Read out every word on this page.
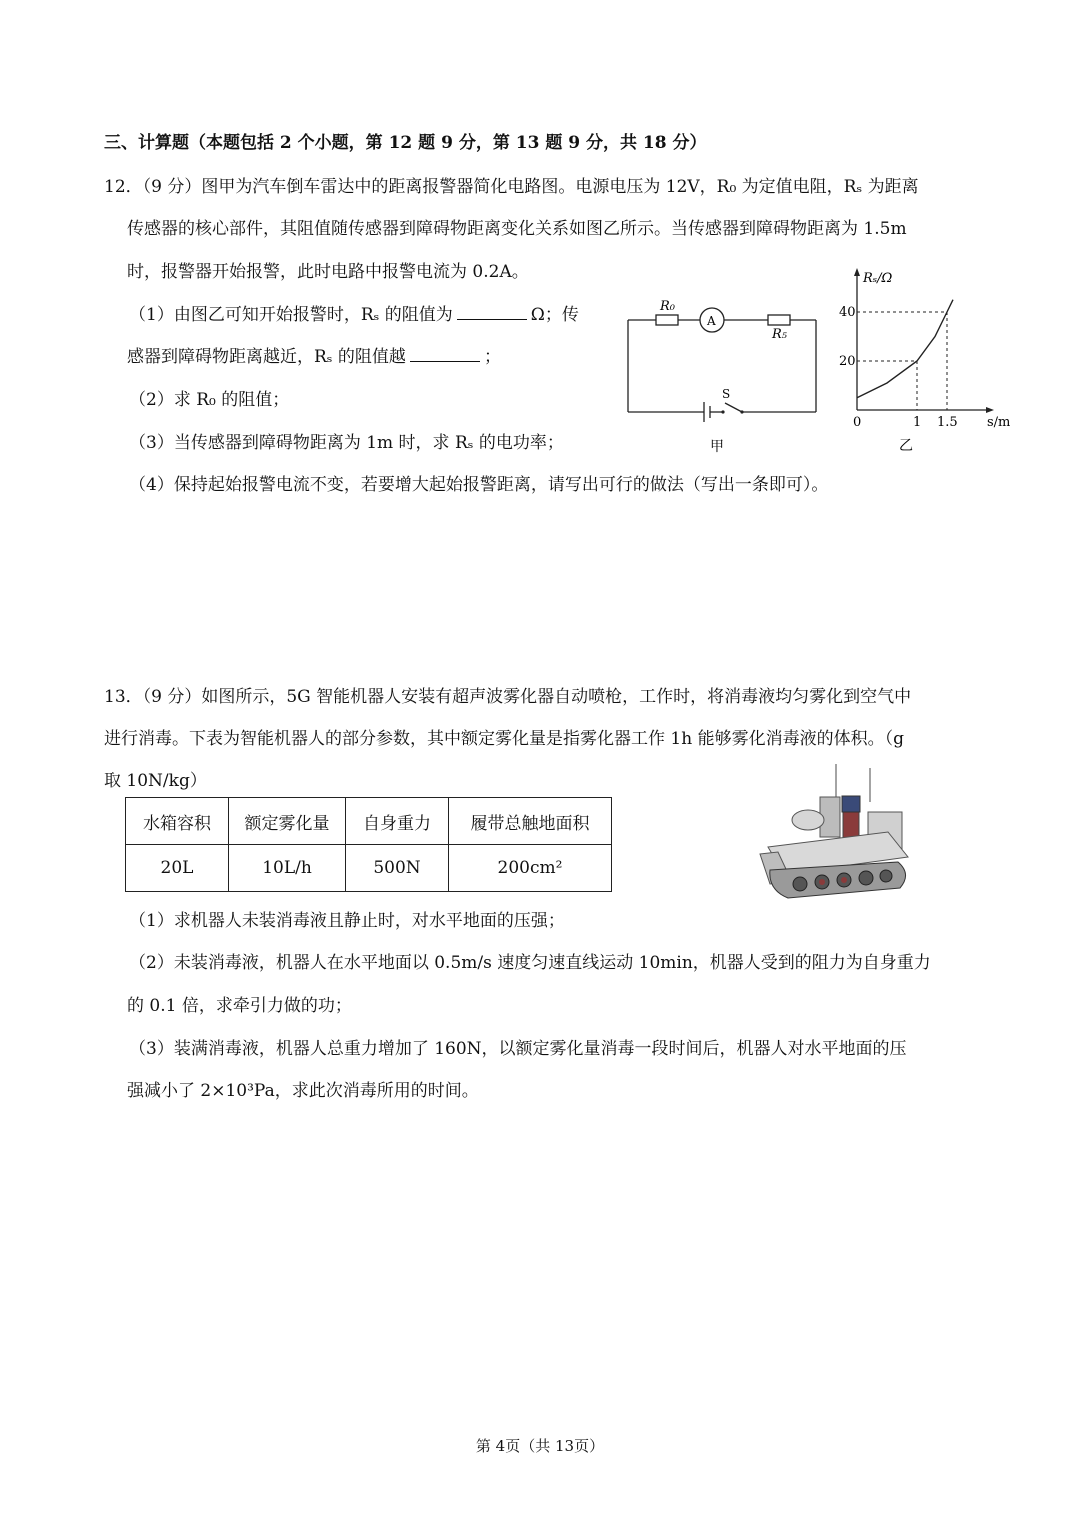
三、计算题（本题包括 2 个小题，第 12 题 9 分，第 13 题 9 分，共 18 分）
12．（9 分）图甲为汽车倒车雷达中的距离报警器简化电路图。电源电压为 12V，R₀ 为定值电阻，Rₛ 为距离
传感器的核心部件，其阻值随传感器到障碍物距离变化关系如图乙所示。当传感器到障碍物距离为 1.5m
时，报警器开始报警，此时电路中报警电流为 0.2A。
（1）由图乙可知开始报警时，Rₛ 的阻值为	Ω；传
感器到障碍物距离越近，Rₛ 的阻值越	；
（2）求 R₀ 的阻值；
（3）当传感器到障碍物距离为 1m 时，求 Rₛ 的电功率；
（4）保持起始报警电流不变，若要增大起始报警距离，请写出可行的做法（写出一条即可）。
R₀
A
R₅
S
甲
Rₛ/Ω
s/m
0	1 1.5
20
40
乙
13．（9 分）如图所示，5G 智能机器人安装有超声波雾化器自动喷枪，工作时，将消毒液均匀雾化到空气中
进行消毒。下表为智能机器人的部分参数，其中额定雾化量是指雾化器工作 1h 能够雾化消毒液的体积。（g
取 10N/kg）
水箱容积	额定雾化量	自身重力	履带总触地面积
20L	10L/h	500N	200cm²
（1）求机器人未装消毒液且静止时，对水平地面的压强；
（2）未装消毒液，机器人在水平地面以 0.5m/s 速度匀速直线运动 10min，机器人受到的阻力为自身重力
的 0.1 倍，求牵引力做的功；
（3）装满消毒液，机器人总重力增加了 160N，以额定雾化量消毒一段时间后，机器人对水平地面的压
强减小了 2×10³Pa，求此次消毒所用的时间。
第 4页（共 13页）
